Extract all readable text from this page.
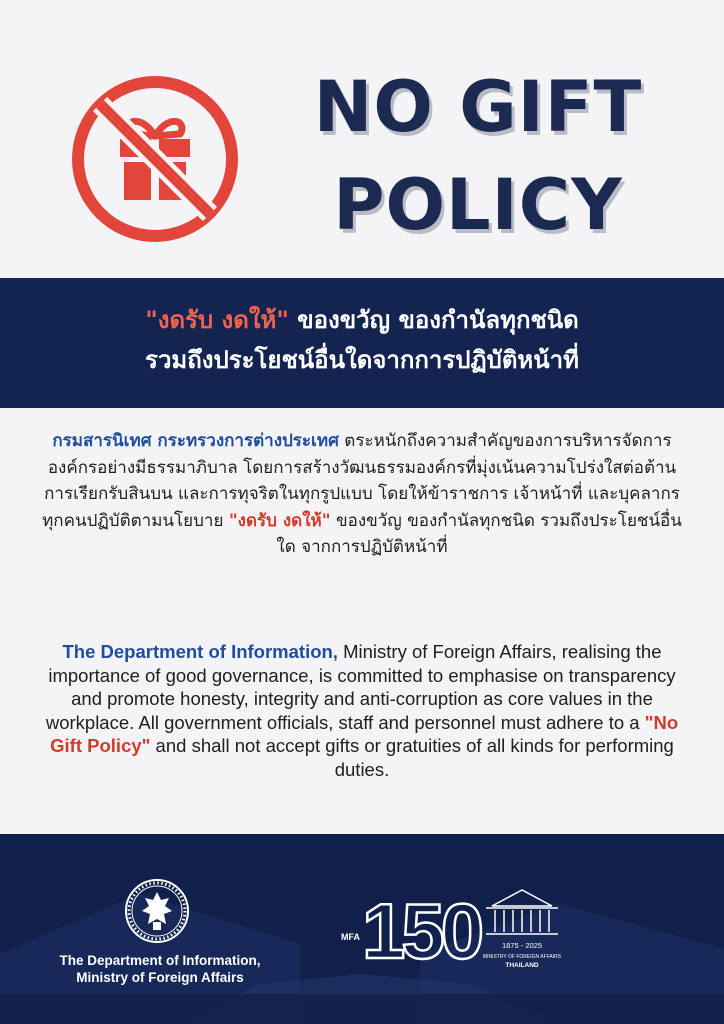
NO GIFT
POLICY
"งดรับ งดให้" ของขวัญ ของกำนัลทุกชนิด
รวมถึงประโยชน์อื่นใดจากการปฏิบัติหน้าที่
กรมสารนิเทศ กระทรวงการต่างประเทศ ตระหนักถึงความสำคัญของการบริหารจัดการองค์กรอย่างมีธรรมาภิบาล โดยการสร้างวัฒนธรรมองค์กรที่มุ่งเน้นความโปร่งใสต่อต้านการเรียกรับสินบน และการทุจริตในทุกรูปแบบ โดยให้ข้าราชการ เจ้าหน้าที่ และบุคลากรทุกคนปฏิบัติตามนโยบาย "งดรับ งดให้" ของขวัญ ของกำนัลทุกชนิด รวมถึงประโยชน์อื่นใด จากการปฏิบัติหน้าที่
The Department of Information, Ministry of Foreign Affairs, realising the importance of good governance, is committed to emphasise on transparency and promote honesty, integrity and anti-corruption as core values in the workplace. All government officials, staff and personnel must adhere to a "No Gift Policy" and shall not accept gifts or gratuities of all kinds for performing duties.
The Department of Information,
Ministry of Foreign Affairs
MFA 150	1875 - 2025
MINISTRY OF FOREIGN AFFAIRS
THAILAND
